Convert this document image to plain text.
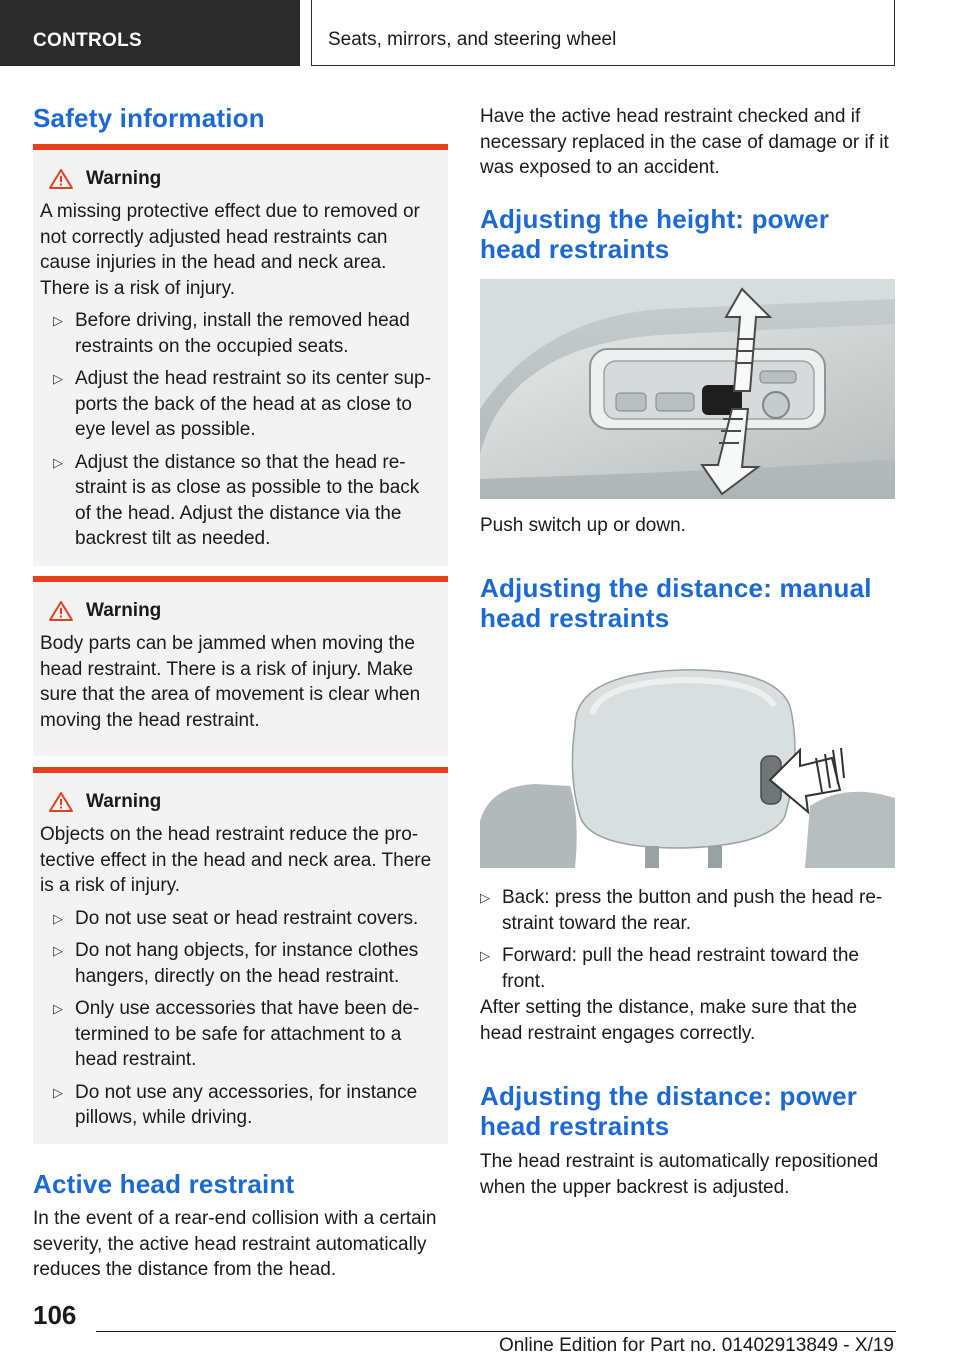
CONTROLS	Seats, mirrors, and steering wheel
Safety information
Warning
A missing protective effect due to removed or not correctly adjusted head restraints can cause injuries in the head and neck area. There is a risk of injury.
▷ Before driving, install the removed head restraints on the occupied seats.
▷ Adjust the head restraint so its center sup‐ports the back of the head at as close to eye level as possible.
▷ Adjust the distance so that the head re‐straint is as close as possible to the back of the head. Adjust the distance via the backrest tilt as needed.
Warning
Body parts can be jammed when moving the head restraint. There is a risk of injury. Make sure that the area of movement is clear when moving the head restraint.
Warning
Objects on the head restraint reduce the pro‐tective effect in the head and neck area. There is a risk of injury.
▷ Do not use seat or head restraint covers.
▷ Do not hang objects, for instance clothes hangers, directly on the head restraint.
▷ Only use accessories that have been de‐termined to be safe for attachment to a head restraint.
▷ Do not use any accessories, for instance pillows, while driving.
Active head restraint
In the event of a rear-end collision with a certain severity, the active head restraint automatically reduces the distance from the head.
Have the active head restraint checked and if necessary replaced in the case of damage or if it was exposed to an accident.
Adjusting the height: power head restraints
Push switch up or down.
Adjusting the distance: manual head restraints
▷ Back: press the button and push the head re‐straint toward the rear.
▷ Forward: pull the head restraint toward the front.
After setting the distance, make sure that the head restraint engages correctly.
Adjusting the distance: power head restraints
The head restraint is automatically repositioned when the upper backrest is adjusted.
106
Online Edition for Part no. 01402913849 - X/19
